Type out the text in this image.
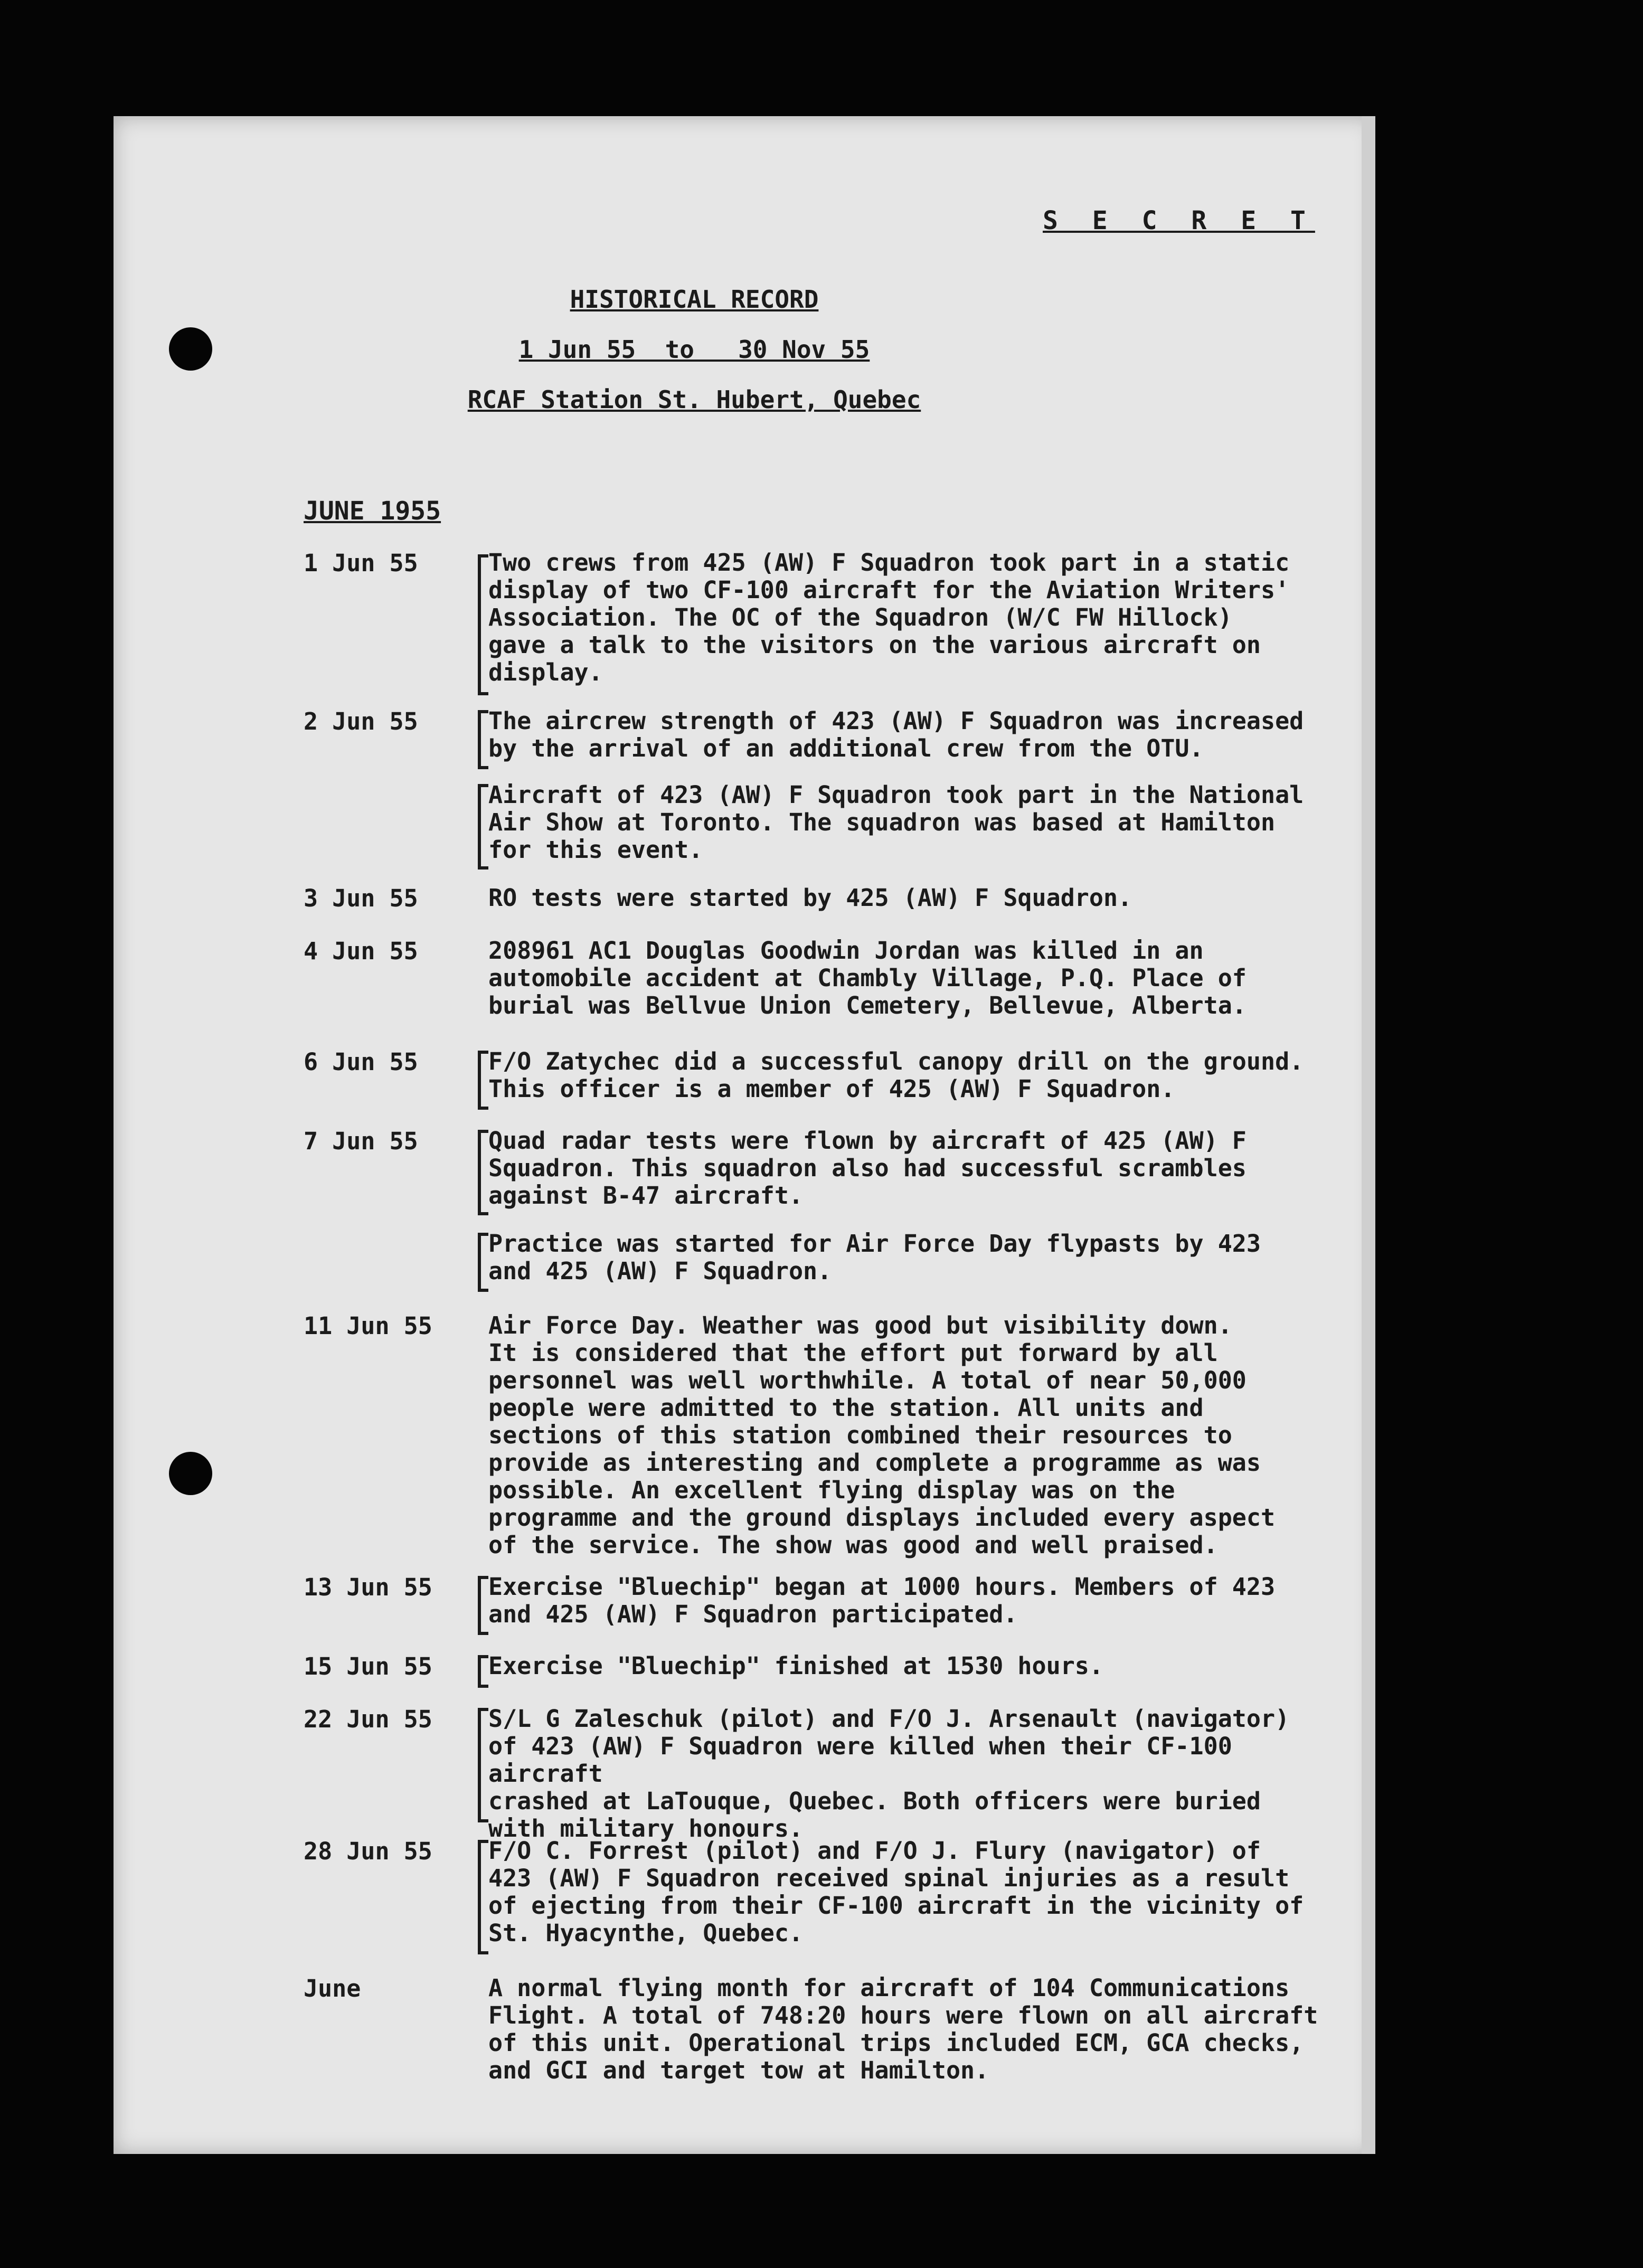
S E C R E T
HISTORICAL RECORD
1 Jun 55  to   30 Nov 55
RCAF Station St. Hubert, Quebec
JUNE 1955
1 Jun 55	Two crews from 425 (AW) F Squadron took part in a static
display of two CF-100 aircraft for the Aviation Writers'
Association. The OC of the Squadron (W/C FW Hillock)
gave a talk to the visitors on the various aircraft on
display.
2 Jun 55	The aircrew strength of 423 (AW) F Squadron was increased
by the arrival of an additional crew from the OTU.
Aircraft of 423 (AW) F Squadron took part in the National
Air Show at Toronto. The squadron was based at Hamilton
for this event.
3 Jun 55	RO tests were started by 425 (AW) F Squadron.
4 Jun 55	208961 AC1 Douglas Goodwin Jordan was killed in an
automobile accident at Chambly Village, P.Q. Place of
burial was Bellvue Union Cemetery, Bellevue, Alberta.
6 Jun 55	F/O Zatychec did a successful canopy drill on the ground.
This officer is a member of 425 (AW) F Squadron.
7 Jun 55	Quad radar tests were flown by aircraft of 425 (AW) F
Squadron. This squadron also had successful scrambles
against B-47 aircraft.
Practice was started for Air Force Day flypasts by 423
and 425 (AW) F Squadron.
11 Jun 55 Air Force Day. Weather was good but visibility down.
It is considered that the effort put forward by all
personnel was well worthwhile. A total of near 50,000
people were admitted to the station. All units and
sections of this station combined their resources to
provide as interesting and complete a programme as was
possible. An excellent flying display was on the
programme and the ground displays included every aspect
of the service. The show was good and well praised.
13 Jun 55 Exercise "Bluechip" began at 1000 hours. Members of 423
and 425 (AW) F Squadron participated.
15 Jun 55 Exercise "Bluechip" finished at 1530 hours.
22 Jun 55 S/L G Zaleschuk (pilot) and F/O J. Arsenault (navigator)
of 423 (AW) F Squadron were killed when their CF-100 aircraft
crashed at LaTouque, Quebec. Both officers were buried
with military honours.
28 Jun 55 F/O C. Forrest (pilot) and F/O J. Flury (navigator) of
423 (AW) F Squadron received spinal injuries as a result
of ejecting from their CF-100 aircraft in the vicinity of
St. Hyacynthe, Quebec.
June	A normal flying month for aircraft of 104 Communications
Flight. A total of 748:20 hours were flown on all aircraft
of this unit. Operational trips included ECM, GCA checks,
and GCI and target tow at Hamilton.
